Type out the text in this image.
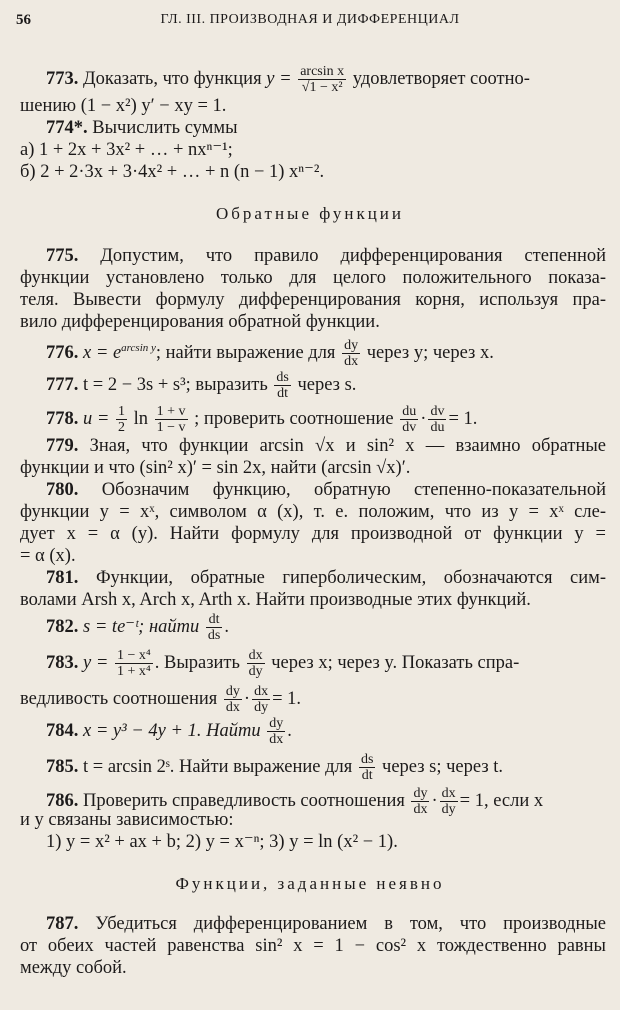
56	ГЛ. III. ПРОИЗВОДНАЯ И ДИФФЕРЕНЦИАЛ
773. Доказать, что функция $y = \frac{\text{arcsin x}}{\text{√1 − x²}}$ удовлетворяет соотно-
шению (1 − x²) y′ − xy = 1.
774*. Вычислить суммы
а) 1 + 2x + 3x² + … + nxⁿ⁻¹;
б) 2 + 2·3x + 3·4x² + … + n (n − 1) xⁿ⁻².
Обратные функции
775. Допустим, что правило дифференцирования степенной
функции установлено только для целого положительного показа-
теля. Вывести формулу дифференцирования корня, используя пра-
вило дифференцирования обратной функции.
776. $x = e^{arcsin y}$; найти выражение для $\frac{dy}{dx}$ через y; через x.
777. t = 2 − 3s + s³; выразить $\frac{ds}{dt}$ через s.
778. $u = \frac{1}{2}$ $\ln \frac{1 + v}{1 - v}$ ; проверить соотношение $\frac{du}{dv} \cdot \frac{dv}{du} = 1$.
779. Зная, что функции arcsin √x и sin² x — взаимно обратные
функции и что (sin² x)′ = sin 2x, найти (arcsin √x)′.
780. Обозначим функцию, обратную степенно-показательной
функции y = xˣ, символом α (x), т. е. положим, что из y = xˣ сле-
дует x = α (y). Найти формулу для производной от функции y =
= α (x).
781. Функции, обратные гиперболическим, обозначаются сим-
волами Arsh x, Arch x, Arth x. Найти производные этих функций.
782. s = te⁻ᵗ; найти $\frac{dt}{ds}$ .
783. $y = \frac{\text{1 − x⁴}}{\text{1 + x⁴}}$ . Выразить $\frac{dx}{dy}$ через x; через y. Показать спра-
ведливость соотношения $\frac{dy}{dx} \cdot \frac{dx}{dy} = 1$.
784. x = y³ − 4y + 1. Найти $\frac{dy}{dx}$ .
785. t = arcsin 2ˢ. Найти выражение для $\frac{ds}{dt}$ через s; через t.
786. Проверить справедливость соотношения $\frac{dy}{dx} \cdot \frac{dx}{dy} = 1$, если x
и y связаны зависимостью:
1) y = x² + ax + b; 2) y = x⁻ⁿ; 3) y = ln (x² − 1).
Функции, заданные неявно
787. Убедиться дифференцированием в том, что производные
от обеих частей равенства sin² x = 1 − cos² x тождественно равны
между собой.
